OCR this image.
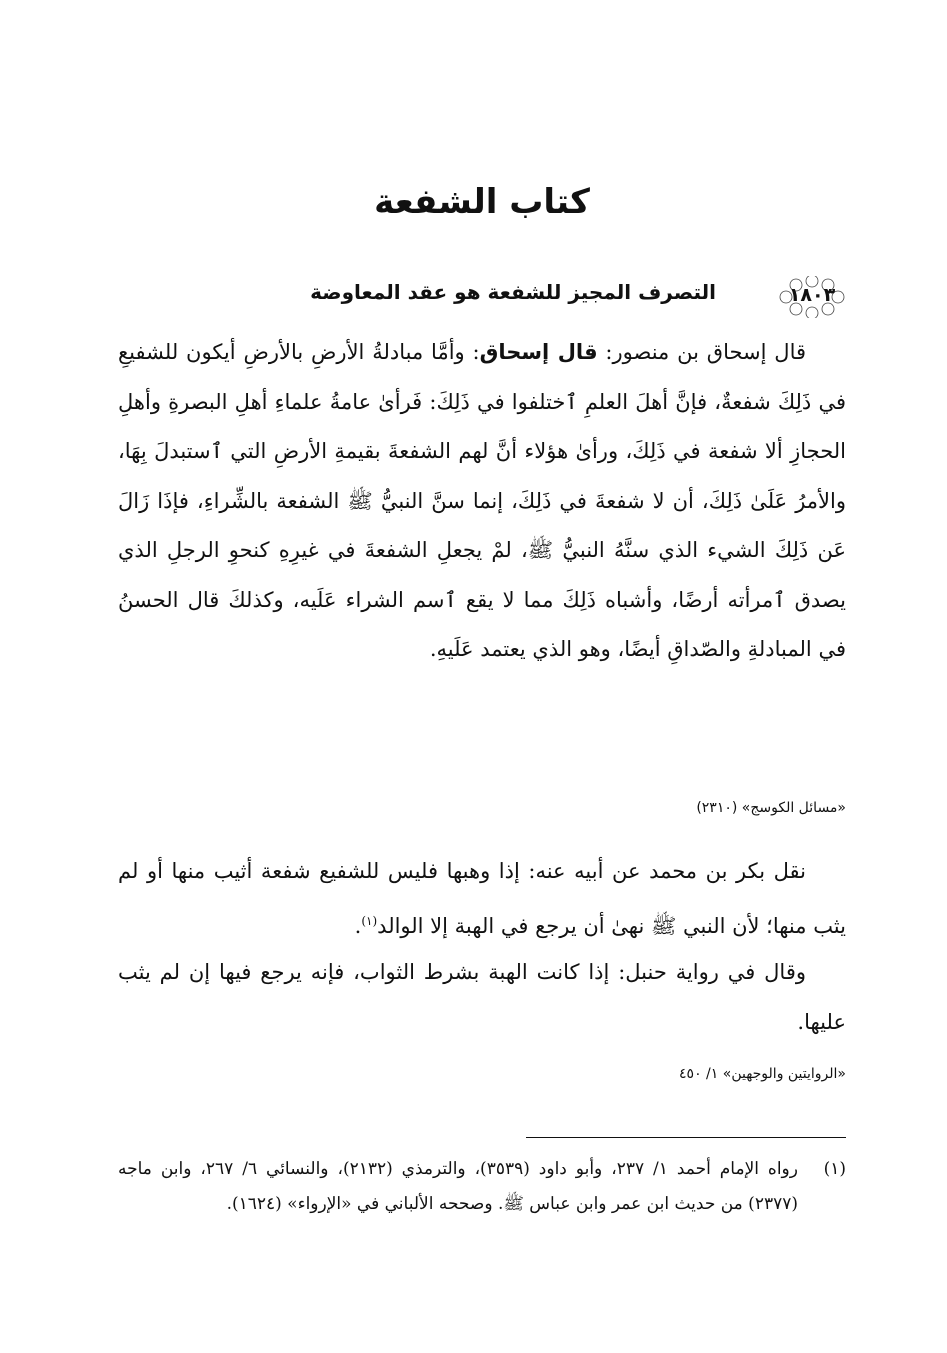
كتاب الشفعة
١٨٠٣
التصرف المجيز للشفعة هو عقد المعاوضة

قال إسحاق بن منصور: قال إسحاق: وأمَّا مبادلةُ الأرضِ بالأرضِ أيكون للشفيعِ في ذَلِكَ شفعةٌ، فإنَّ أهلَ العلمِ ٱختلفوا في ذَلِكَ: فَرأىٰ عامةُ علماءِ أهلِ البصرةِ وأهلِ الحجازِ ألا شفعة في ذَلِكَ، ورأىٰ هؤلاء أنَّ لهم الشفعةَ بقيمةِ الأرضِ التي ٱستبدلَ بِهَا، والأمرُ عَلَىٰ ذَلِكَ، أن لا شفعةَ في ذَلِكَ، إنما سنَّ النبيُّ ﷺ الشفعة بالشِّراءِ، فإذَا زَالَ عَن ذَلِكَ الشيء الذي سنَّهُ النبيُّ ﷺ، لمْ يجعلِ الشفعةَ في غيرِهِ كنحوِ الرجلِ الذي يصدق ٱمرأته أرضًا، وأشباه ذَلِكَ مما لا يقع ٱسم الشراء عَلَيه، وكذلكَ قال الحسنُ في المبادلةِ والصّداقِ أيضًا، وهو الذي يعتمد عَلَيهِ.

«مسائل الكوسج» (٢٣١٠)

نقل بكر بن محمد عن أبيه عنه: إذا وهبها فليس للشفيع شفعة أثيب منها أو لم يثب منها؛ لأن النبي ﷺ نهىٰ أن يرجع في الهبة إلا الوالد$^{(١)}$.

وقال في رواية حنبل: إذا كانت الهبة بشرط الثواب، فإنه يرجع فيها إن لم يثب عليها.

«الروايتين والوجهين» ١/ ٤٥٠

(١)
رواه الإمام أحمد ١/ ٢٣٧، وأبو داود (٣٥٣٩)، والترمذي (٢١٣٢)، والنسائي ٦/ ٢٦٧، وابن ماجه (٢٣٧٧) من حديث ابن عمر وابن عباس ﷺ. وصححه الألباني في «الإرواء» (١٦٢٤).
